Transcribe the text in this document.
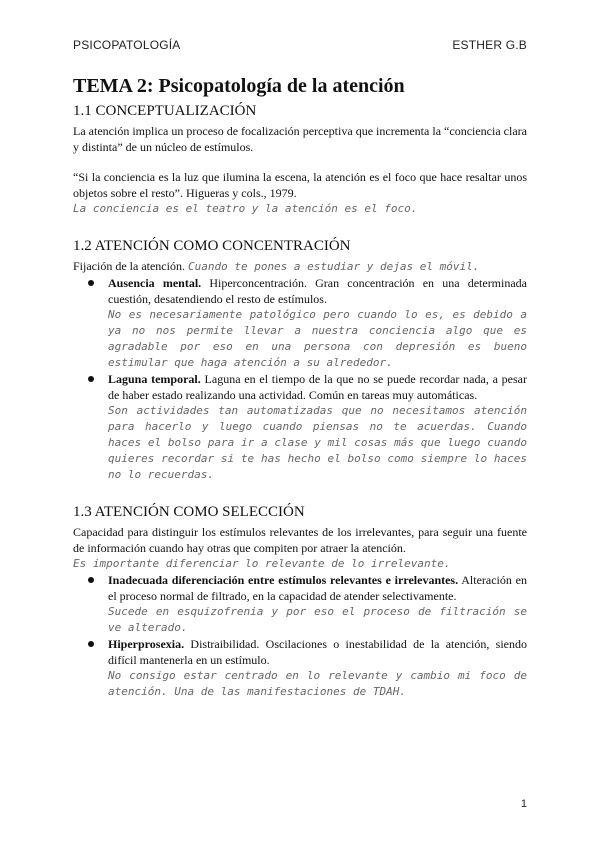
PSICOPATOLOGÍA	ESTHER G.B
TEMA 2: Psicopatología de la atención
1.1 CONCEPTUALIZACIÓN

La atención implica un proceso de focalización perceptiva que incrementa la “conciencia clara y distinta” de un núcleo de estímulos.

“Si la conciencia es la luz que ilumina la escena, la atención es el foco que hace resaltar unos objetos sobre el resto”. Higueras y cols., 1979.

La conciencia es el teatro y la atención es el foco.

1.2 ATENCIÓN COMO CONCENTRACIÓN

Fijación de la atención. Cuando te pones a estudiar y dejas el móvil.

Ausencia mental. Hiperconcentración. Gran concentración en una determinada cuestión, desatendiendo el resto de estímulos.

No es necesariamente patológico pero cuando lo es, es debido a ya no nos permite llevar a nuestra conciencia algo que es agradable por eso en una persona con depresión es bueno estimular que haga atención a su alrededor.

Laguna temporal. Laguna en el tiempo de la que no se puede recordar nada, a pesar de haber estado realizando una actividad. Común en tareas muy automáticas.

Son actividades tan automatizadas que no necesitamos atención para hacerlo y luego cuando piensas no te acuerdas. Cuando haces el bolso para ir a clase y mil cosas más que luego cuando quieres recordar si te has hecho el bolso como siempre lo haces no lo recuerdas.

1.3 ATENCIÓN COMO SELECCIÓN

Capacidad para distinguir los estímulos relevantes de los irrelevantes, para seguir una fuente de información cuando hay otras que compiten por atraer la atención.

Es importante diferenciar lo relevante de lo irrelevante.

Inadecuada diferenciación entre estímulos relevantes e irrelevantes. Alteración en el proceso normal de filtrado, en la capacidad de atender selectivamente.

Sucede en esquizofrenia y por eso el proceso de filtración se ve alterado.

Hiperprosexia. Distraibilidad. Oscilaciones o inestabilidad de la atención, siendo difícil mantenerla en un estímulo.

No consigo estar centrado en lo relevante y cambio mi foco de atención. Una de las manifestaciones de TDAH.

1
